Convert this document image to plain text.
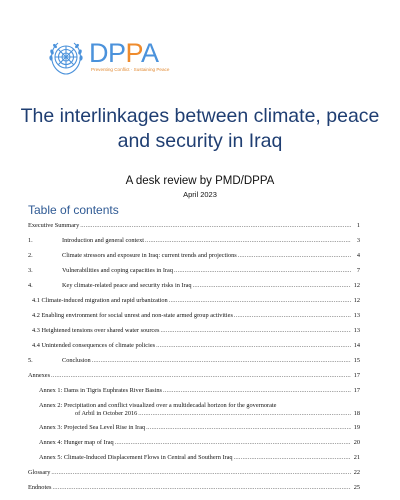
DPPA
Preventing Conflict · Sustaining Peace
The interlinkages between climate, peace and security in Iraq
A desk review by PMD/DPPA
April 2023
Table of contents
Executive Summary .....	1
1.	Introduction and general context .....	3
2.	Climate stressors and exposure in Iraq: current trends and projections .....	4
3.	Vulnerabilities and coping capacities in Iraq .....	7
4.	Key climate-related peace and security risks in Iraq .....	12
4.1 Climate-induced migration and rapid urbanization .....	12
4.2 Enabling environment for social unrest and non-state armed group activities .....	13
4.3 Heightened tensions over shared water sources .....	13
4.4 Unintended consequences of climate policies .....	14
5.	Conclusion .....	15
Annexes .....	17
Annex 1: Dams in Tigris Euphrates River Basins .....	17
Annex 2: Precipitation and conflict visualized over a multidecadal horizon for the governorate
of Arbil in October 2016 .....	18
Annex 3: Projected Sea Level Rise in Iraq .....	19
Annex 4: Hunger map of Iraq .....	20
Annex 5: Climate-Induced Displacement Flows in Central and Southern Iraq .....	21
Glossary .....	22
Endnotes .....	25
